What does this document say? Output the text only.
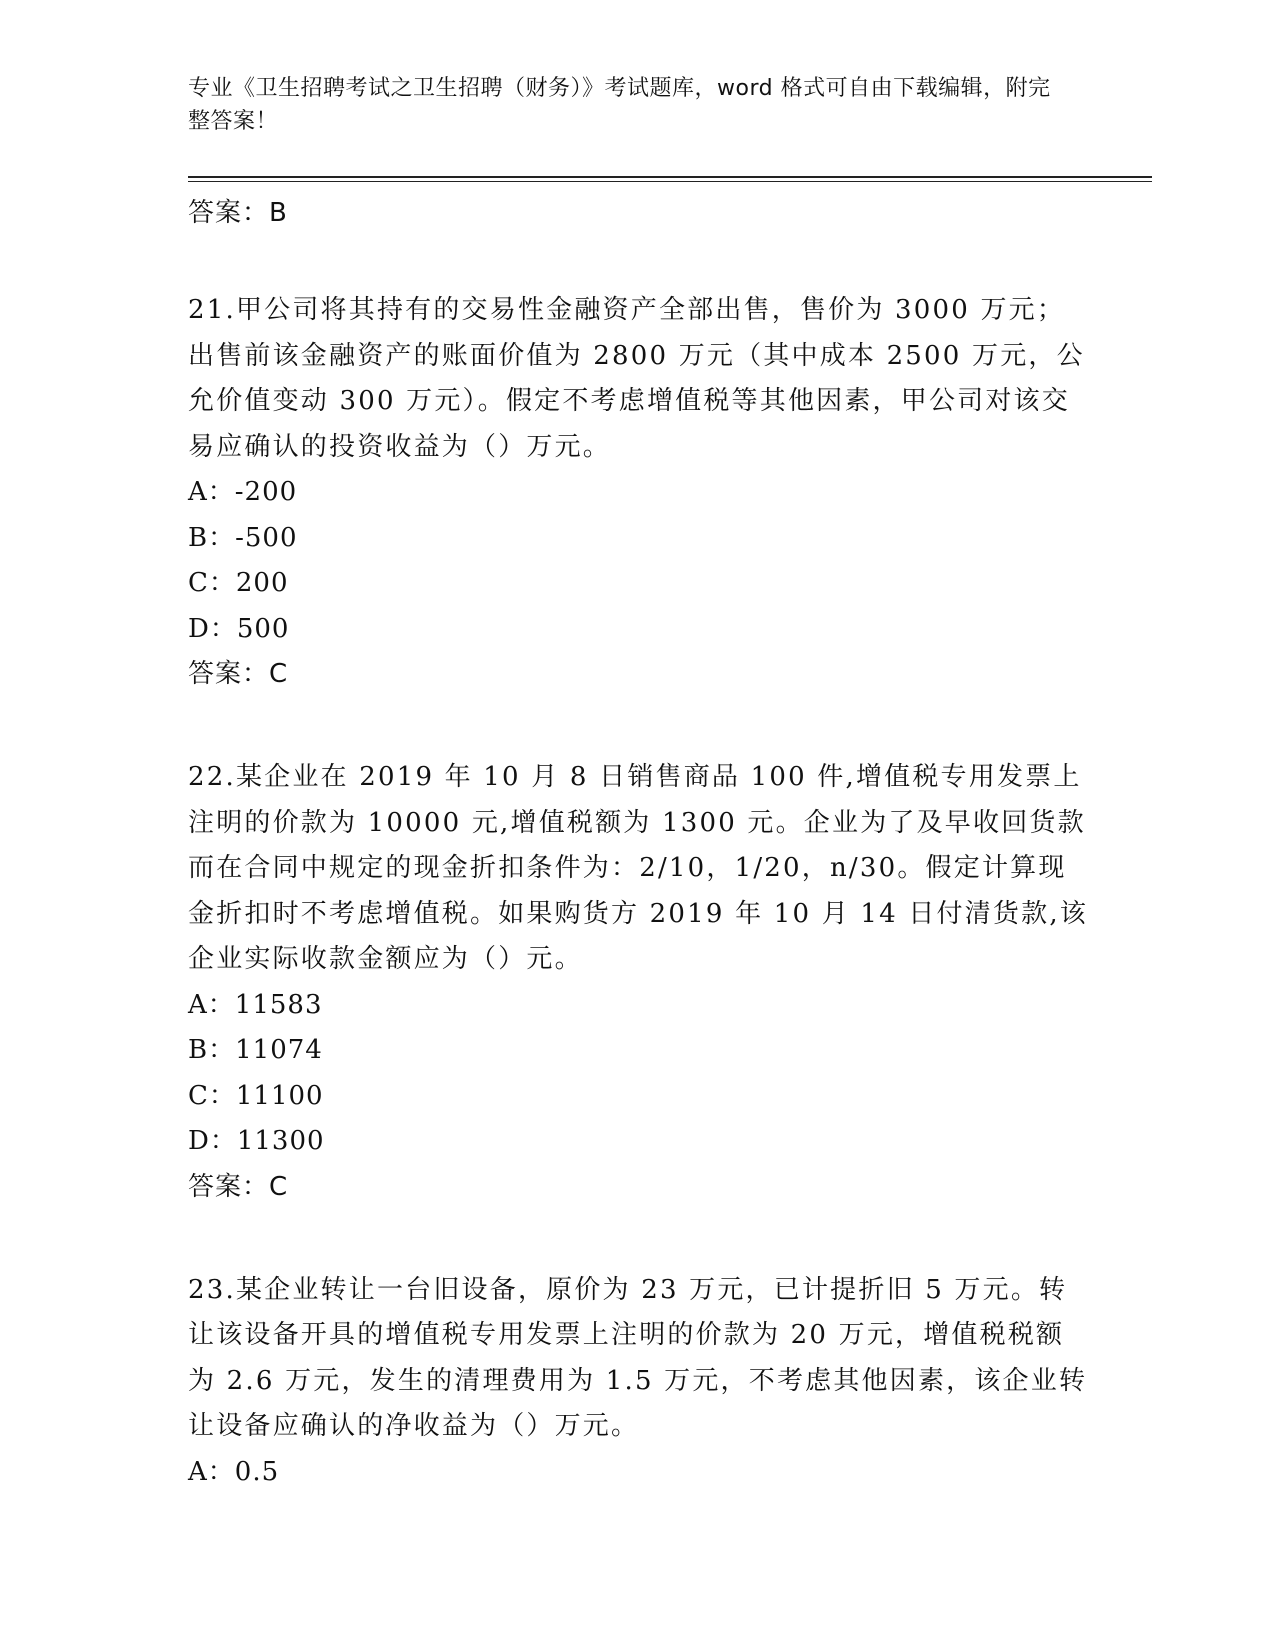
专业《卫生招聘考试之卫生招聘（财务）》考试题库，word 格式可自由下载编辑，附完整答案！

答案：B

21.甲公司将其持有的交易性金融资产全部出售，售价为 3000 万元；出售前该金融资产的账面价值为 2800 万元（其中成本 2500 万元，公允价值变动 300 万元）。假定不考虑增值税等其他因素，甲公司对该交易应确认的投资收益为（）万元。

A：-200

B：-500

C：200

D：500

答案：C

22.某企业在 2019 年 10 月 8 日销售商品 100 件,增值税专用发票上注明的价款为 10000 元,增值税额为 1300 元。企业为了及早收回货款而在合同中规定的现金折扣条件为：2/10，1/20，n/30。假定计算现金折扣时不考虑增值税。如果购货方 2019 年 10 月 14 日付清货款,该企业实际收款金额应为（）元。

A：11583

B：11074

C：11100

D：11300

答案：C

23.某企业转让一台旧设备，原价为 23 万元，已计提折旧 5 万元。转让该设备开具的增值税专用发票上注明的价款为 20 万元，增值税税额为 2.6 万元，发生的清理费用为 1.5 万元，不考虑其他因素，该企业转让设备应确认的净收益为（）万元。

A：0.5
